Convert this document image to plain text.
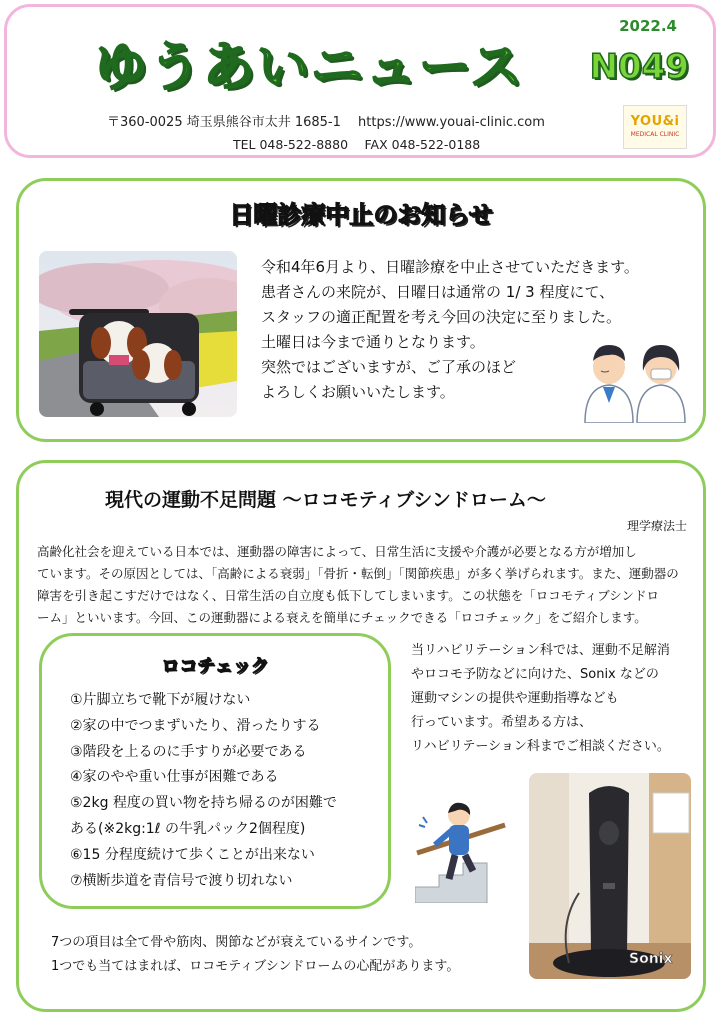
2022.4
ゆうあいニュース N049
〒360-0025 埼玉県熊谷市太井 1685-1　 https://www.youai-clinic.com
TEL 048-522-8880　 FAX 048-522-0188
YOU&i
MEDICAL CLINIC
日曜診療中止のお知らせ
令和4年6月より、日曜診療を中止させていただきます。
患者さんの来院が、日曜日は通常の 1/ 3 程度にて、
スタッフの適正配置を考え今回の決定に至りました。
土曜日は今まで通りとなります。
突然ではございますが、ご了承のほど
よろしくお願いいたします。
現代の運動不足問題 ～ロコモティブシンドローム～
理学療法士
高齢化社会を迎えている日本では、運動器の障害によって、日常生活に支援や介護が必要となる方が増加し
ています。その原因としては、「高齢による衰弱」「骨折・転倒」「関節疾患」が多く挙げられます。また、運動器の
障害を引き起こすだけではなく、日常生活の自立度も低下してしまいます。この状態を「ロコモティブシンドロ
ーム」といいます。今回、この運動器による衰えを簡単にチェックできる「ロコチェック」をご紹介します。
ロコチェック
①片脚立ちで靴下が履けない
②家の中でつまずいたり、滑ったりする
③階段を上るのに手すりが必要である
④家のやや重い仕事が困難である
⑤2kg 程度の買い物を持ち帰るのが困難で
ある(※2kg:1ℓ の牛乳パック2個程度)
⑥15 分程度続けて歩くことが出来ない
⑦横断歩道を青信号で渡り切れない
当リハビリテーション科では、運動不足解消
やロコモ予防などに向けた、Sonix などの
運動マシンの提供や運動指導なども
行っています。希望ある方は、
リハビリテーション科までご相談ください。
Sonix
7つの項目は全て骨や筋肉、関節などが衰えているサインです。
1つでも当てはまれば、ロコモティブシンドロームの心配があります。
